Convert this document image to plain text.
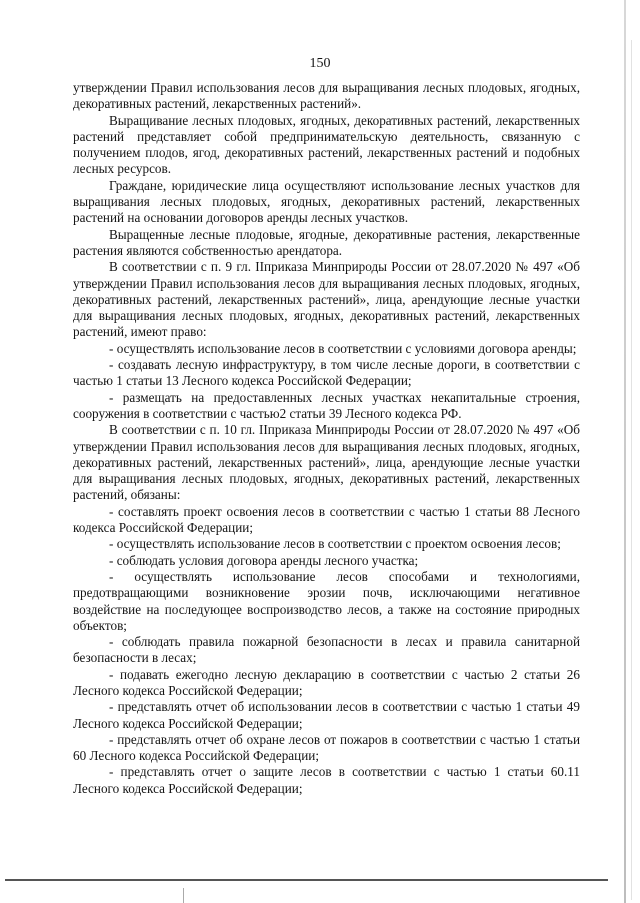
150

утверждении Правил использования лесов для выращивания лесных плодовых, ягодных, декоративных растений, лекарственных растений».

Выращивание лесных плодовых, ягодных, декоративных растений, лекарственных растений представляет собой предпринимательскую деятельность, связанную с получением плодов, ягод, декоративных растений, лекарственных растений и подобных лесных ресурсов.

Граждане, юридические лица осуществляют использование лесных участков для выращивания лесных плодовых, ягодных, декоративных растений, лекарственных растений на основании договоров аренды лесных участков.

Выращенные лесные плодовые, ягодные, декоративные растения, лекарственные растения являются собственностью арендатора.

В соответствии с п. 9 гл. IIприказа Минприроды России от 28.07.2020 № 497 «Об утверждении Правил использования лесов для выращивания лесных плодовых, ягодных, декоративных растений, лекарственных растений», лица, арендующие лесные участки для выращивания лесных плодовых, ягодных, декоративных растений, лекарственных растений, имеют право:

- осуществлять использование лесов в соответствии с условиями договора аренды;

- создавать лесную инфраструктуру, в том числе лесные дороги, в соответствии с частью 1 статьи 13 Лесного кодекса Российской Федерации;

- размещать на предоставленных лесных участках некапитальные строения, сооружения в соответствии с частью2 статьи 39 Лесного кодекса РФ.

В соответствии с п. 10 гл. IIприказа Минприроды России от 28.07.2020 № 497 «Об утверждении Правил использования лесов для выращивания лесных плодовых, ягодных, декоративных растений, лекарственных растений», лица, арендующие лесные участки для выращивания лесных плодовых, ягодных, декоративных растений, лекарственных растений, обязаны:

- составлять проект освоения лесов в соответствии с частью 1 статьи 88 Лесного кодекса Российской Федерации;

- осуществлять использование лесов в соответствии с проектом освоения лесов;

- соблюдать условия договора аренды лесного участка;

- осуществлять использование лесов способами и технологиями, предотвращающими возникновение эрозии почв, исключающими негативное воздействие на последующее воспроизводство лесов, а также на состояние природных объектов;

- соблюдать правила пожарной безопасности в лесах и правила санитарной безопасности в лесах;

- подавать ежегодно лесную декларацию в соответствии с частью 2 статьи 26 Лесного кодекса Российской Федерации;

- представлять отчет об использовании лесов в соответствии с частью 1 статьи 49 Лесного кодекса Российской Федерации;

- представлять отчет об охране лесов от пожаров в соответствии с частью 1 статьи 60 Лесного кодекса Российской Федерации;

- представлять отчет о защите лесов в соответствии с частью 1 статьи 60.11 Лесного кодекса Российской Федерации;
